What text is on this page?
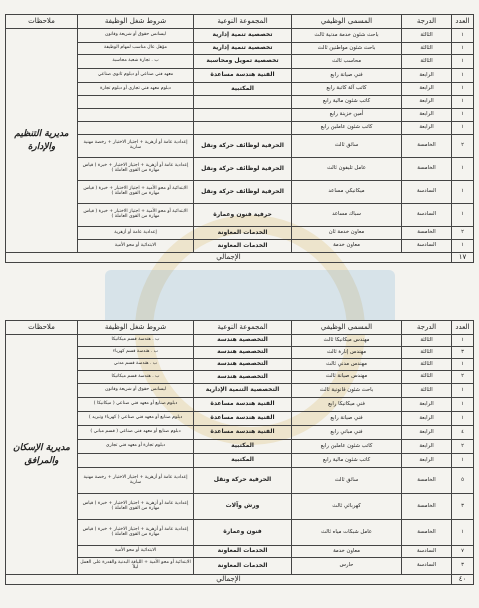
العدد	الدرجة	المسمى الوظيفي	المجموعة النوعية	شروط شغل الوظيفة	ملاحظات
١	الثالثة	باحث شئون خدمة مدنية ثالث	تخصصية تنمية إدارية	ليسانس حقوق أو شريعة وقانون	مديرية التنظيم والإدارة
١	الثالثة	باحث شئون مواطنين ثالث	تخصصية تنمية إدارية	مؤهل عال مناسب لمهام الوظيفة	
١	الثالثة	محاسب ثالث	تخصصية تمويل ومحاسبة	ب . تجارة شعبة محاسبة	
١	الرابعة	فني صيانة رابع	الفنية هندسة مساعدة	معهد فني صناعي أو دبلوم ثانوي صناعي	
١	الرابعة	كاتب آلة كاتبة رابع	المكتبية	دبلوم معهد فني تجاري أو دبلوم تجارة	
١	الرابعة	كاتب شئون مالية رابع			
١	الرابعة	أمين خزينة رابع			
١	الرابعة	كاتب شئون عاملين رابع			
٢	الخامسة	سائق ثالث	الحرفية لوظائف حركة ونقل	إعدادية عامة أو أزهرية + اجتياز الاختبار + رخصة مهنية سارية	
١	الخامسة	عامل تليفون ثالث	الحرفية لوظائف حركة ونقل	إعدادية عامة أو أزهرية + اجتياز الاختبار + خبرة ( قياس مهارة من القوى العاملة )	
١	السادسة	ميكانيكي مساعد	الحرفية لوظائف حركة ونقل	الابتدائية أو محو الأمية + اجتياز الاختبار + خبرة ( قياس مهارة من القوى العاملة )	
١	السادسة	سباك مساعد	حرفية فنون وعمارة	الابتدائية أو محو الأمية + اجتياز الاختبار + خبرة ( قياس مهارة من القوى العاملة )	
٢	الخامسة	معاون خدمة ثان	الخدمات المعاونة	إعدادية عامة أو أزهرية	
١	السادسة	معاون خدمة	الخدمات المعاونة	الابتدائية أو محو الأمية	
١٧	الإجمالي				
العدد	الدرجة	المسمى الوظيفي	المجموعة النوعية	شروط شغل الوظيفة	ملاحظات
١	الثالثة	مهندس ميكانيكا ثالث	التخصصية هندسة	ب . هندسة قسم ميكانيكا	مديرية الإسكان والمرافق
٣	الثالثة	مهندس إنارة ثالث	التخصصية هندسة	ب . هندسة قسم كهرباء	
١	الثالثة	مهندس مدني ثالث	التخصصية هندسة	ب . هندسة قسم مدني	
٢	الثالثة	مهندس صيانة ثالث	التخصصية هندسة	ب . هندسة قسم ميكانيكا	
١	الثالثة	باحث شئون قانونية ثالث	التخصصية التنمية الإدارية	ليسانس حقوق أو شريعة وقانون	
١	الرابعة	فني ميكانيكا رابع	الفنية هندسة مساعدة	دبلوم صنايع أو معهد فني صناعي ( ميكانيكا )	
١	الرابعة	فني صيانة رابع	الفنية هندسة مساعدة	دبلوم صنايع أو معهد فني صناعي ( كهرباء وتبريد )	
٤	الرابعة	فني مباني رابع	الفنية هندسة مساعدة	دبلوم صنايع أو معهد فني صناعي ( قسم مباني )	
٢	الرابعة	كاتب شئون عاملين رابع	المكتبية	دبلوم تجارة أو معهد فني تجاري	
١	الرابعة	كاتب شئون مالية رابع	المكتبية		
٥	الخامسة	سائق ثالث	الحرفية حركة ونقل	إعدادية عامة أو أزهرية + اجتياز الاختبار + رخصة مهنية سارية	
٣	الخامسة	كهربائي ثالث	ورش وآلات	إعدادية عامة أو أزهرية + اجتياز الاختبار + خبرة ( قياس مهارة من القوى العاملة )	
١	الخامسة	عامل شبكات مياه ثالث	فنون وعمارة	إعدادية عامة أو أزهرية + اجتياز الاختبار + خبرة ( قياس مهارة من القوى العاملة )	
٧	السادسة	معاون خدمة	الخدمات المعاونة	الابتدائية أو محو الأمية	
٣	السادسة	حارس	الخدمات المعاونة	الابتدائية أو محو الأمية + اللياقة البدنية والقدرة على العمل ليلاً	
٤٠	الإجمالي				
